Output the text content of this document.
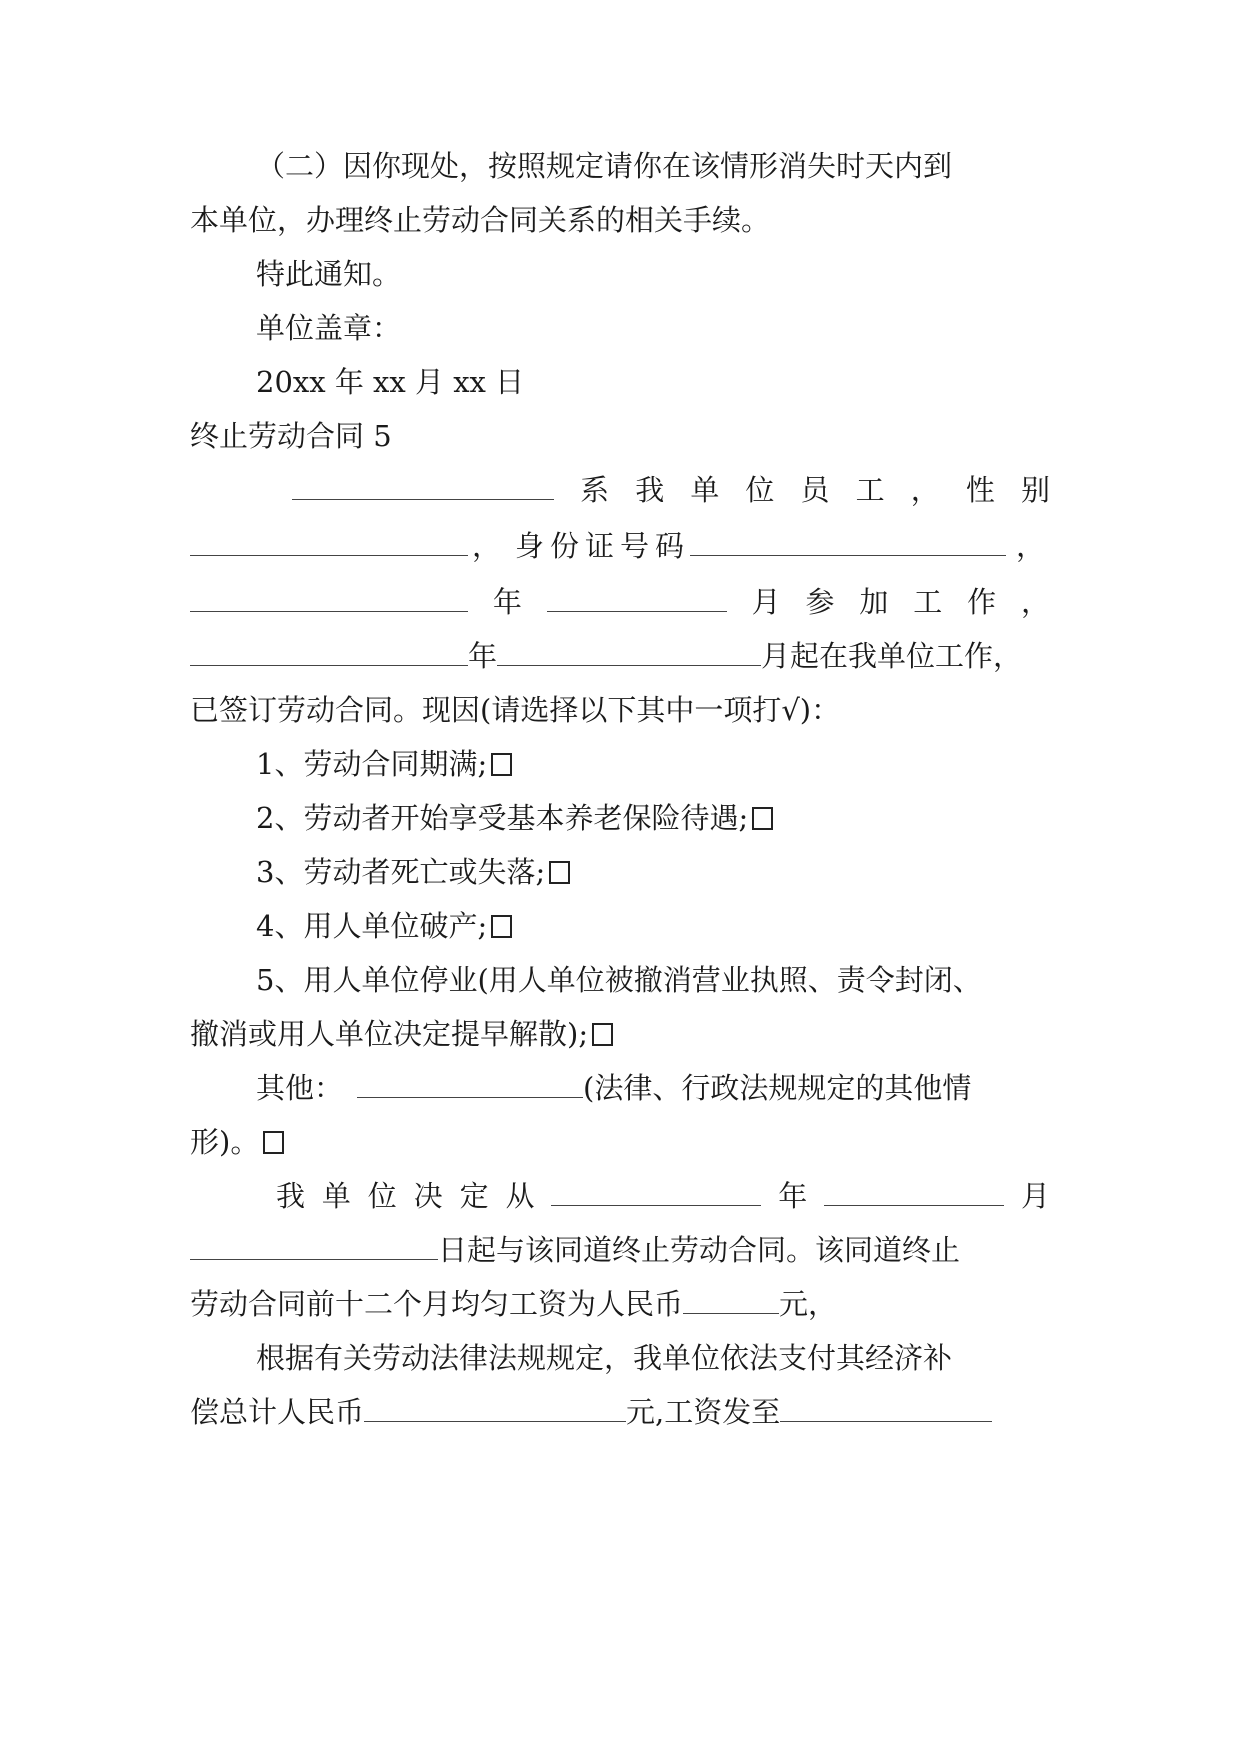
（二）因你现处，按照规定请你在该情形消失时天内到
本单位，办理终止劳动合同关系的相关手续。
特此通知。
单位盖章：
20xx 年 xx 月 xx 日
终止劳动合同 5
系 我 单 位 员 工 ， 性 别
， 身份证号码	，
年	月 参 加 工 作 ，
年	月起在我单位工作，
已签订劳动合同。现因(请选择以下其中一项打√)：
1、劳动合同期满;
2、劳动者开始享受基本养老保险待遇;
3、劳动者死亡或失落;
4、用人单位破产;
5、用人单位停业(用人单位被撤消营业执照、责令封闭、
撤消或用人单位决定提早解散);
其他：	(法律、行政法规规定的其他情
形)。
我 单 位 决 定 从	年	月
日起与该同道终止劳动合同。该同道终止
劳动合同前十二个月均匀工资为人民币	元，
根据有关劳动法律法规规定，我单位依法支付其经济补
偿总计人民币	元,工资发至
